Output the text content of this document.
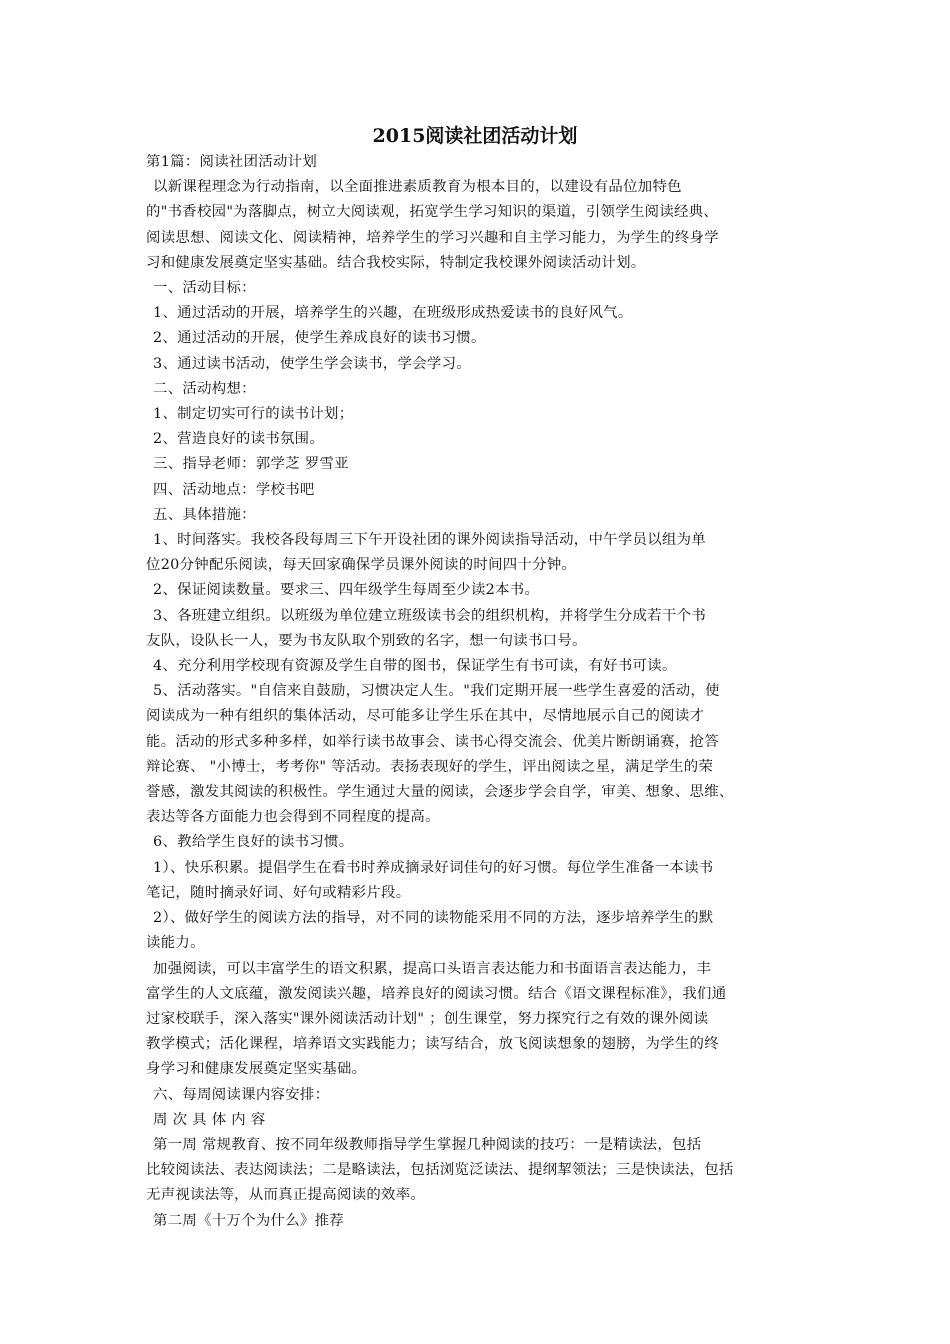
2015阅读社团活动计划

第1篇：阅读社团活动计划

以新课程理念为行动指南，以全面推进素质教育为根本目的，以建设有品位加特色

的"书香校园"为落脚点，树立大阅读观，拓宽学生学习知识的渠道，引领学生阅读经典、

阅读思想、阅读文化、阅读精神，培养学生的学习兴趣和自主学习能力，为学生的终身学

习和健康发展奠定坚实基础。结合我校实际，特制定我校课外阅读活动计划。

一、活动目标：

1、通过活动的开展，培养学生的兴趣，在班级形成热爱读书的良好风气。

2、通过活动的开展，使学生养成良好的读书习惯。

3、通过读书活动，使学生学会读书，学会学习。

二、活动构想：

1、制定切实可行的读书计划；

2、营造良好的读书氛围。

三、指导老师：郭学芝 罗雪亚

四、活动地点：学校书吧

五、具体措施：

1、时间落实。我校各段每周三下午开设社团的课外阅读指导活动，中午学员以组为单

位20分钟配乐阅读，每天回家确保学员课外阅读的时间四十分钟。

2、保证阅读数量。要求三、四年级学生每周至少读2本书。

3、各班建立组织。以班级为单位建立班级读书会的组织机构，并将学生分成若干个书

友队，设队长一人，要为书友队取个别致的名字，想一句读书口号。

4、充分利用学校现有资源及学生自带的图书，保证学生有书可读，有好书可读。

5、活动落实。"自信来自鼓励，习惯决定人生。"我们定期开展一些学生喜爱的活动，使

阅读成为一种有组织的集体活动，尽可能多让学生乐在其中，尽情地展示自己的阅读才

能。活动的形式多种多样，如举行读书故事会、读书心得交流会、优美片断朗诵赛，抢答

辩论赛、 "小博士，考考你" 等活动。表扬表现好的学生，评出阅读之星，满足学生的荣

誉感，激发其阅读的积极性。学生通过大量的阅读，会逐步学会自学，审美、想象、思维、

表达等各方面能力也会得到不同程度的提高。

6、教给学生良好的读书习惯。

1）、快乐积累。提倡学生在看书时养成摘录好词佳句的好习惯。每位学生准备一本读书

笔记，随时摘录好词、好句或精彩片段。

2）、做好学生的阅读方法的指导，对不同的读物能采用不同的方法，逐步培养学生的默

读能力。

加强阅读，可以丰富学生的语文积累，提高口头语言表达能力和书面语言表达能力，丰

富学生的人文底蕴，激发阅读兴趣，培养良好的阅读习惯。结合《语文课程标准》，我们通

过家校联手，深入落实"课外阅读活动计划" ；创生课堂，努力探究行之有效的课外阅读

教学模式；活化课程，培养语文实践能力；读写结合，放飞阅读想象的翅膀，为学生的终

身学习和健康发展奠定坚实基础。

六、每周阅读课内容安排：

周 次 具 体 内 容

第一周 常规教育、按不同年级教师指导学生掌握几种阅读的技巧：一是精读法，包括

比较阅读法、表达阅读法；二是略读法，包括浏览泛读法、提纲挈领法；三是快读法，包括

无声视读法等，从而真正提高阅读的效率。

第二周《十万个为什么》推荐
